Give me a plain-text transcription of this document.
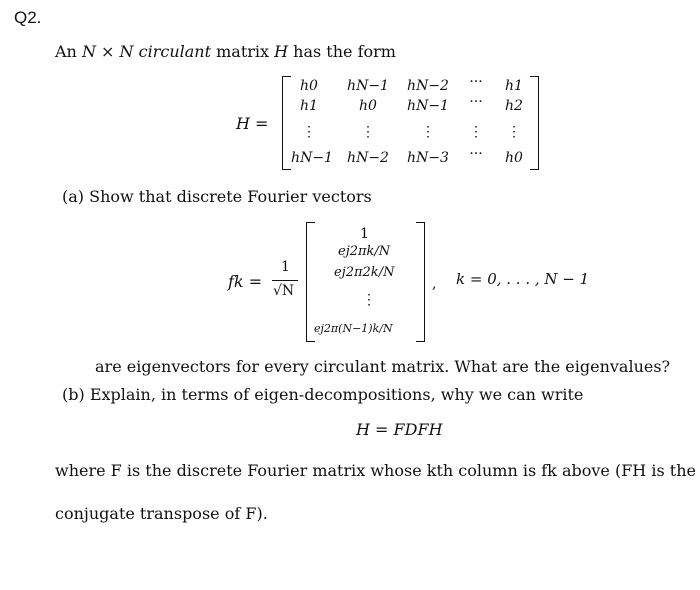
Q2.
An N × N circulant matrix H has the form
H =
h0 hN−1 hN−2 ··· h1
h1	h0	hN−1 ··· h2
⋮	⋮	⋮	⋮	⋮
hN−1 hN−2 hN−3 ··· h0
(a) Show that discrete Fourier vectors
fk =
1
√N
1
ej2πk/N
ej2π2k/N
⋮
ej2π(N−1)k/N
, k = 0, . . . , N − 1
are eigenvectors for every circulant matrix. What are the eigenvalues?
(b) Explain, in terms of eigen-decompositions, why we can write
H = FDFH
where F is the discrete Fourier matrix whose kth column is fk above (FH is the
conjugate transpose of F).
